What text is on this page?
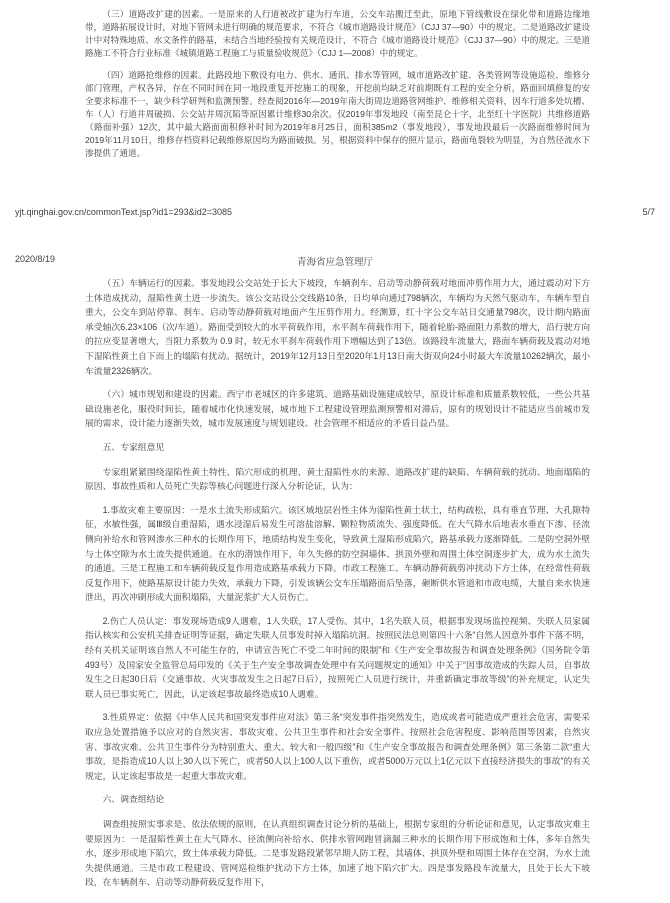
（三）道路改扩建的因素。一是原来的人行道被改扩建为行车道，公交车站搬迁至此，原地下管线敷设在绿化带和道路边缘地带，道路拓展设计时，对地下管网未进行明确的规范要求，不符合《城市道路设计规范》（CJJ 37—90）中的规定。二是道路改扩建设计中对特殊地质、水文条件的路基，未结合当地经验按有关规范设计，不符合《城市道路设计规范》（CJJ 37—90）中的规定。三是道路施工不符合行业标准《城镇道路工程施工与质量验收规范》（CJJ 1—2008）中的规定。

（四）道路抢维修的因素。此路段地下敷设有电力、供水、通讯、排水等管网，城市道路改扩建、各类管网等设施巡检、维修分部门管理，产权各异，存在不同时间在同一地段重复开挖施工的现象，开挖前均缺乏对前期既有工程的安全分析，路面回填修复的安全要求标准不一，缺少科学研判和监测预警。经查阅2016年—2019年南大街周边道路管网维护、维修相关资料，因车行道多处坑槽、车（人）行道井周破损、公交站井周沉陷等原因累计维修30余次。仅2019年事发地段（南至昆仑十字，北至红十字医院）共维修道路（路面补强）12次，其中最大路面面积修补时间为2019年8月25日，面积385m2（事发地段），事发地段最后一次路面维修时间为2019年11月10日，维修存档资料记载维修原因均为路面破损。另，根据资料中保存的照片显示，路面龟裂较为明显，为自然径流水下渗提供了通道。

yjt.qinghai.gov.cn/commonText.jsp?id1=293&id2=3085	5/7
2020/8/19	青海省应急管理厅

（五）车辆运行的因素。事发地段公交站处于长大下坡段，车辆刹车、启动等动静荷载对地面冲剪作用力大，通过震动对下方土体造成扰动，湿陷性黄土进一步流失。该公交站设公交线路10条，日均单向通过798辆次，车辆均为天然气驱动车，车辆车型自重大，公交车到站停靠、刹车、启动等动静荷载对地面产生压剪作用力。经测算，红十字公交车站日交通量798次，设计期内路面承受轴次6.23×106（次/车道）。路面受到较大的水平荷载作用，水平刹车荷载作用下，随着轮胎-路面阻力系数的增大，沿行驶方向的拉应变显著增大，当阻力系数为 0.9 时，较无水平刹车荷载作用下增幅达到了13倍。该路段车流量大，路面车辆荷载及震动对地下湿陷性黄土自下而上的塌陷有扰动。据统计，2019年12月13日至2020年1月13日南大街双向24小时最大车流量10262辆次，最小车流量2326辆次。

（六）城市规划和建设的因素。西宁市老城区的许多建筑、道路基础设施建成较早，原设计标准和质量系数较低，一些公共基础设施老化，服役时间长，随着城市化快速发展，城市地下工程建设管理监测预警相对滞后，原有的规划设计不能适应当前城市发展的需求，设计能力逐渐失效，城市发展速度与规划建设、社会管理不相适应的矛盾日益凸显。

五、专家组意见

专家组紧紧围绕湿陷性黄土特性、陷穴形成的机理、黄土湿陷性水的来源、道路改扩建的缺陷、车辆荷载的扰动、地面塌陷的原因、事故性质和人员死亡失踪等核心问题进行深入分析论证，认为：

1.事故灾难主要原因：一是水土流失形成陷穴。该区域地层岩性主体为湿陷性黄土状土，结构疏松，具有垂直节理、大孔隙特征，水敏性强，属Ⅲ级自重湿陷，遇水浸湿后易发生可溶盐溶解、颗粒物质流失、强度降低。在大气降水后地表水垂直下渗、径流侧向补给水和管网渗水三种水的长期作用下，地质结构发生变化，导致黄土湿陷形成陷穴，路基承载力逐渐降低。二是防空洞外壁与土体空隙为水土流失提供通道。在水的潜蚀作用下，年久失修的防空洞墙体、拱顶外壁和周围土体空洞逐步扩大，成为水土流失的通道。三是工程施工和车辆荷载反复作用造成路基承载力下降。市政工程施工、车辆动静荷载剪冲扰动下方土体，在经常性荷载反复作用下，使路基原设计能力失效，承载力下降，引发该辆公交车压塌路面后坠落，砸断供水管道和市政电缆，大量自来水快速泄出，再次冲刷形成大面积塌陷，大量泥浆扩大人员伤亡。

2.伤亡人员认定：事发现场造成9人遇难，1人失联，17人受伤。其中，1名失联人员，根据事发现场监控视频、失联人员家属指认核实和公安机关排查证明等证据，确定失联人员事发时掉入塌陷坑洞。按照民法总则第四十六条“自然人因意外事件下落不明，经有关机关证明该自然人不可能生存的，申请宣告死亡不受二年时间的限制”和《生产安全事故报告和调查处理条例》（国务院令第493号）及国家安全监管总局印发的《关于生产安全事故调查处理中有关问题规定的通知》中关于“因事故造成的失踪人员，自事故发生之日起30日后（交通事故、火灾事故发生之日起7日后），按照死亡人员进行统计，并重新确定事故等级”的补充规定，认定失联人员已事实死亡，因此，认定该起事故最终造成10人遇难。

3.性质界定：依据《中华人民共和国突发事件应对法》第三条“突发事件指突然发生，造成或者可能造成严重社会危害，需要采取应急处置措施予以应对的自然灾害、事故灾难、公共卫生事件和社会安全事件。按照社会危害程度、影响范围等因素，自然灾害、事故灾难、公共卫生事件分为特别重大、重大、较大和一般四级”和《生产安全事故报告和调查处理条例》第三条第二款“重大事故，是指造成10人以上30人以下死亡，或者50人以上100人以下重伤，或者5000万元以上1亿元以下直接经济损失的事故”的有关规定，认定该起事故是一起重大事故灾难。

六、调查组结论

调查组按照实事求是、依法依规的原则，在认真组织调查讨论分析的基础上，根据专家组的分析论证和意见，认定事故灾难主要原因为：一是湿陷性黄土在大气降水、径流侧向补给水、供排水管网跑冒滴漏三种水的长期作用下形成饱和土体，多年自然失水，逐步形成地下陷穴，致土体承载力降低。二是事发路段紧邻早期人防工程，其墙体、拱顶外壁和周围土体存在空洞，为水土流失提供通道。三是市政工程建设、管网巡检维护扰动下方土体，加速了地下陷穴扩大。四是事发路段车流量大，且处于长大下坡段，在车辆刹车、启动等动静荷载反复作用下，
